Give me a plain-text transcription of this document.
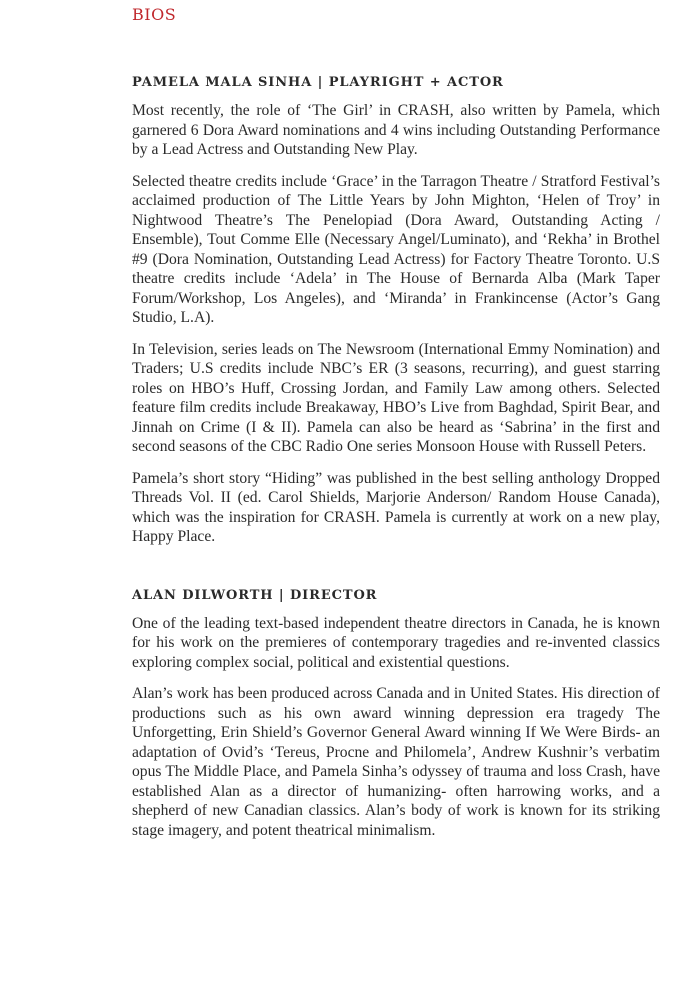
BIOS
PAMELA MALA SINHA | PLAYRIGHT + ACTOR

Most recently, the role of ‘The Girl’ in CRASH, also written by Pamela, which garnered 6 Dora Award nominations and 4 wins including Outstanding Performance by a Lead Actress and Outstanding New Play.

Selected theatre credits include ‘Grace’ in the Tarragon Theatre / Stratford Festival’s acclaimed production of The Little Years by John Mighton, ‘Helen of Troy’ in Nightwood Theatre’s The Penelopiad (Dora Award, Outstanding Acting / Ensemble), Tout Comme Elle (Necessary Angel/Luminato), and ‘Rekha’ in Brothel #9 (Dora Nomination, Outstanding Lead Actress) for Factory Theatre Toronto. U.S theatre credits include ‘Adela’ in The House of Bernarda Alba (Mark Taper Forum/Workshop, Los Angeles), and ‘Miranda’ in Frankincense (Actor’s Gang Studio, L.A).

In Television, series leads on The Newsroom (International Emmy Nomination) and Traders; U.S credits include NBC’s ER (3 seasons, recurring), and guest starring roles on HBO’s Huff, Crossing Jordan, and Family Law among others. Selected feature film credits include Breakaway, HBO’s Live from Baghdad, Spirit Bear, and Jinnah on Crime (I & II). Pamela can also be heard as ‘Sabrina’ in the first and second seasons of the CBC Radio One series Monsoon House with Russell Peters.

Pamela’s short story “Hiding” was published in the best selling anthology Dropped Threads Vol. II (ed. Carol Shields, Marjorie Anderson/ Random House Canada), which was the inspiration for CRASH. Pamela is currently at work on a new play, Happy Place.

ALAN DILWORTH | DIRECTOR

One of the leading text-based independent theatre directors in Canada, he is known for his work on the premieres of contemporary tragedies and re-invented classics exploring complex social, political and existential questions.

Alan’s work has been produced across Canada and in United States. His direction of productions such as his own award winning depression era tragedy The Unforgetting, Erin Shield’s Governor General Award winning If We Were Birds- an adaptation of Ovid’s ‘Tereus, Procne and Philomela’, Andrew Kushnir’s verbatim opus The Middle Place, and Pamela Sinha’s odyssey of trauma and loss Crash, have established Alan as a director of humanizing- often harrowing works, and a shepherd of new Canadian classics. Alan’s body of work is known for its striking stage imagery, and potent theatrical minimalism.
